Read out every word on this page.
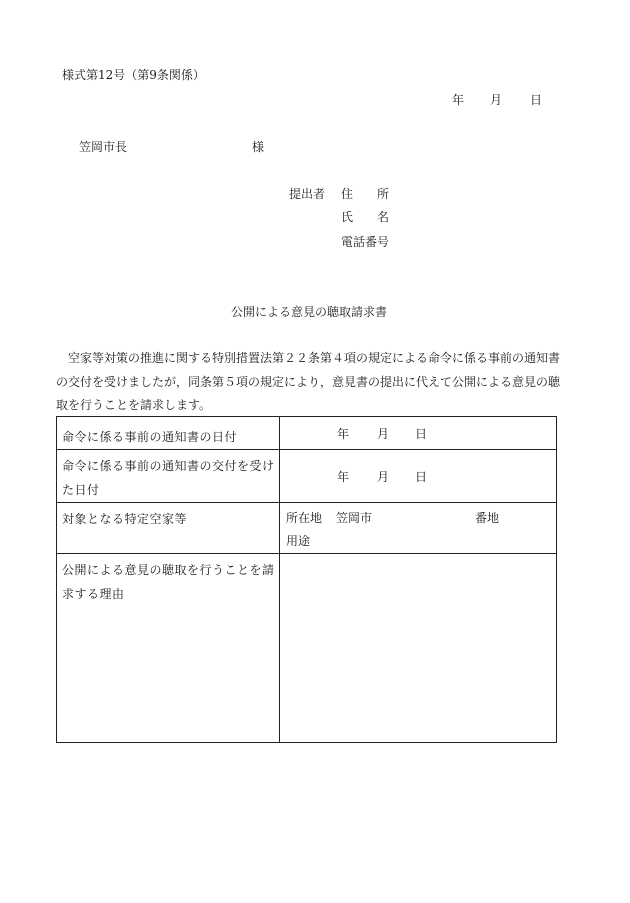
様式第12号（第9条関係）
年 月 日
笠岡市長	様
提出者 住　　所
氏　　名
電話番号
公開による意見の聴取請求書

空家等対策の推進に関する特別措置法第２２条第４項の規定による命令に係る事前の通知書の交付を受けましたが，同条第５項の規定により，意見書の提出に代えて公開による意見の聴取を行うことを請求します。

命令に係る事前の通知書の日付	年 月 日
命令に係る事前の通知書の交付を受けた日付	年 月 日
対象となる特定空家等	所在地 笠岡市 番地
用途

公開による意見の聴取を行うことを請求する理由	
